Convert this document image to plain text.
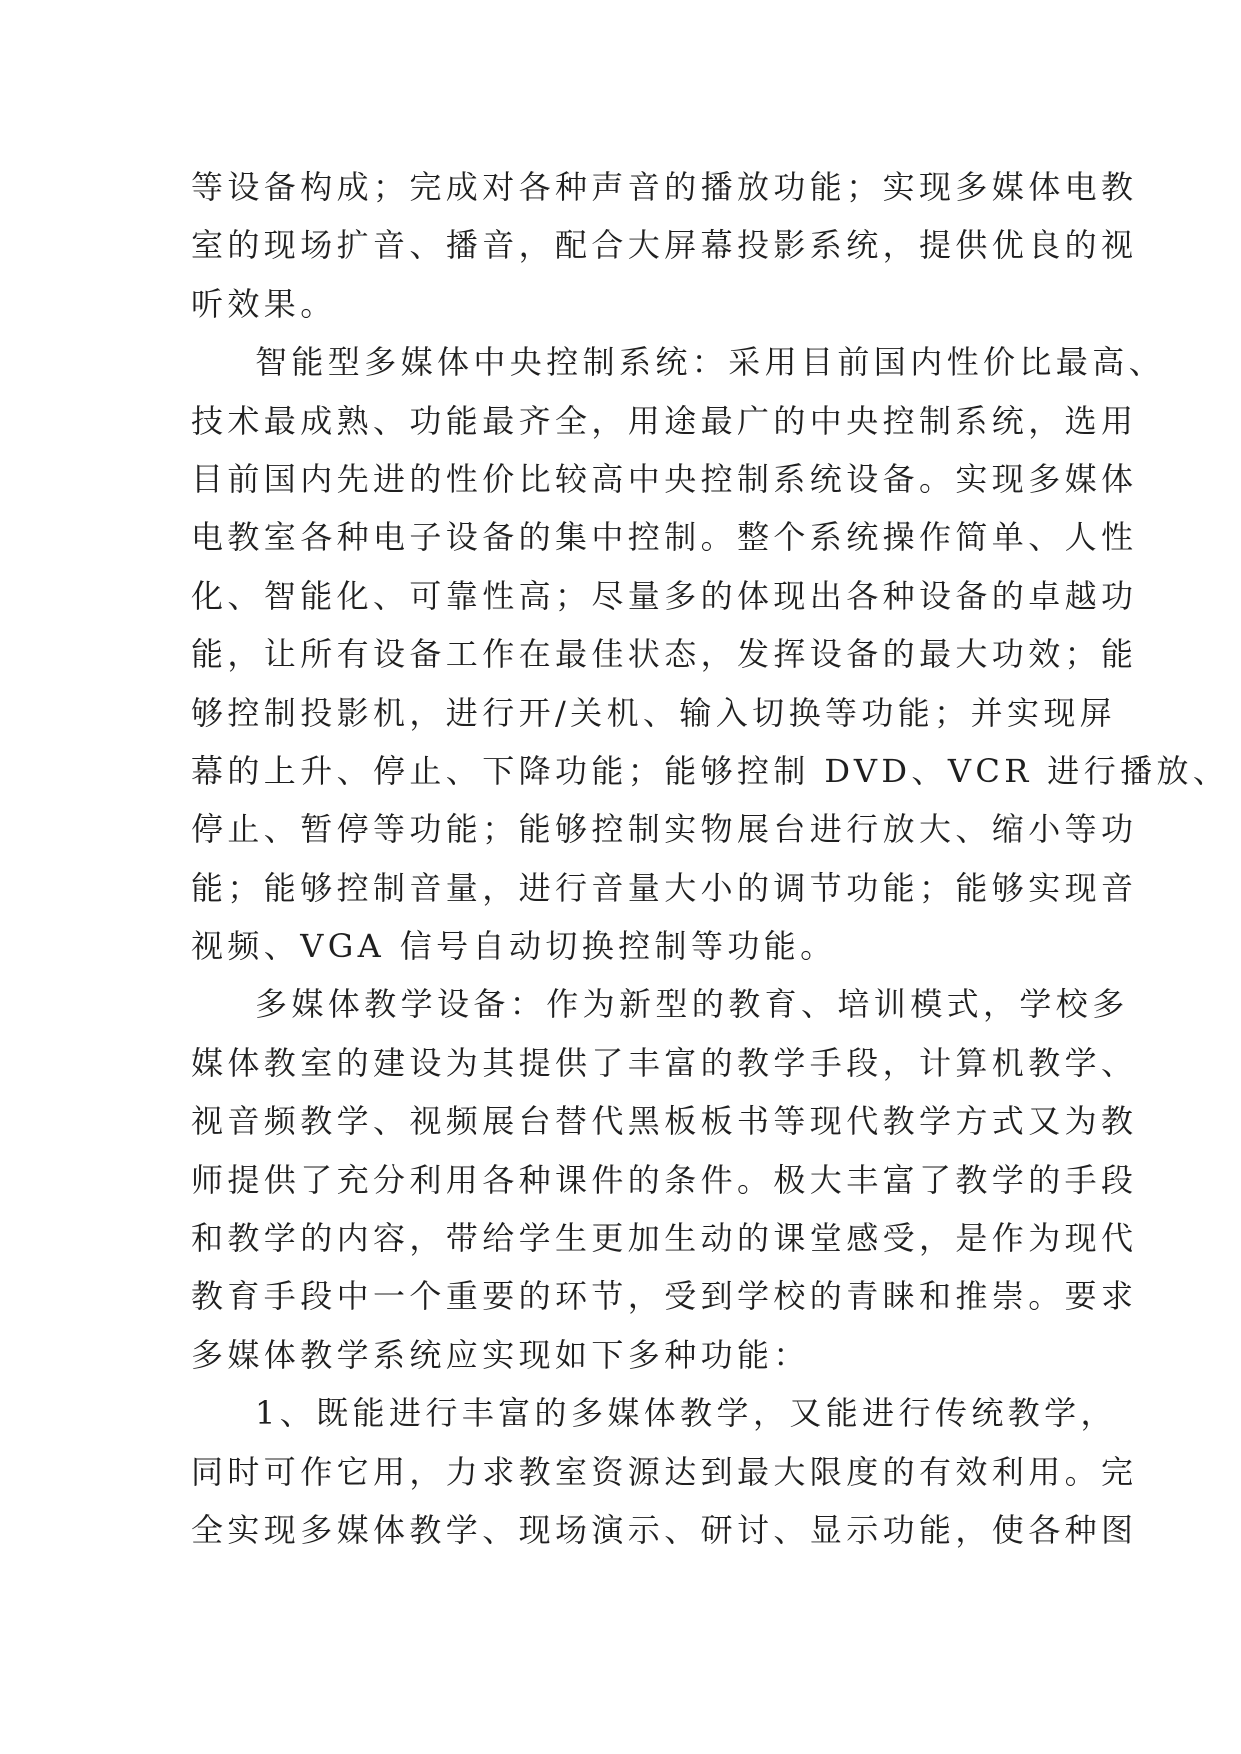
等设备构成；完成对各种声音的播放功能；实现多媒体电教
室的现场扩音、播音，配合大屏幕投影系统，提供优良的视
听效果。
智能型多媒体中央控制系统：采用目前国内性价比最高、
技术最成熟、功能最齐全，用途最广的中央控制系统，选用
目前国内先进的性价比较高中央控制系统设备。实现多媒体
电教室各种电子设备的集中控制。整个系统操作简单、人性
化、智能化、可靠性高；尽量多的体现出各种设备的卓越功
能，让所有设备工作在最佳状态，发挥设备的最大功效；能
够控制投影机，进行开/关机、输入切换等功能；并实现屏
幕的上升、停止、下降功能；能够控制 DVD、VCR 进行播放、
停止、暂停等功能；能够控制实物展台进行放大、缩小等功
能；能够控制音量，进行音量大小的调节功能；能够实现音
视频、VGA 信号自动切换控制等功能。
多媒体教学设备：作为新型的教育、培训模式，学校多
媒体教室的建设为其提供了丰富的教学手段，计算机教学、
视音频教学、视频展台替代黑板板书等现代教学方式又为教
师提供了充分利用各种课件的条件。极大丰富了教学的手段
和教学的内容，带给学生更加生动的课堂感受，是作为现代
教育手段中一个重要的环节，受到学校的青睐和推崇。要求
多媒体教学系统应实现如下多种功能：
1、既能进行丰富的多媒体教学，又能进行传统教学，
同时可作它用，力求教室资源达到最大限度的有效利用。完
全实现多媒体教学、现场演示、研讨、显示功能，使各种图
